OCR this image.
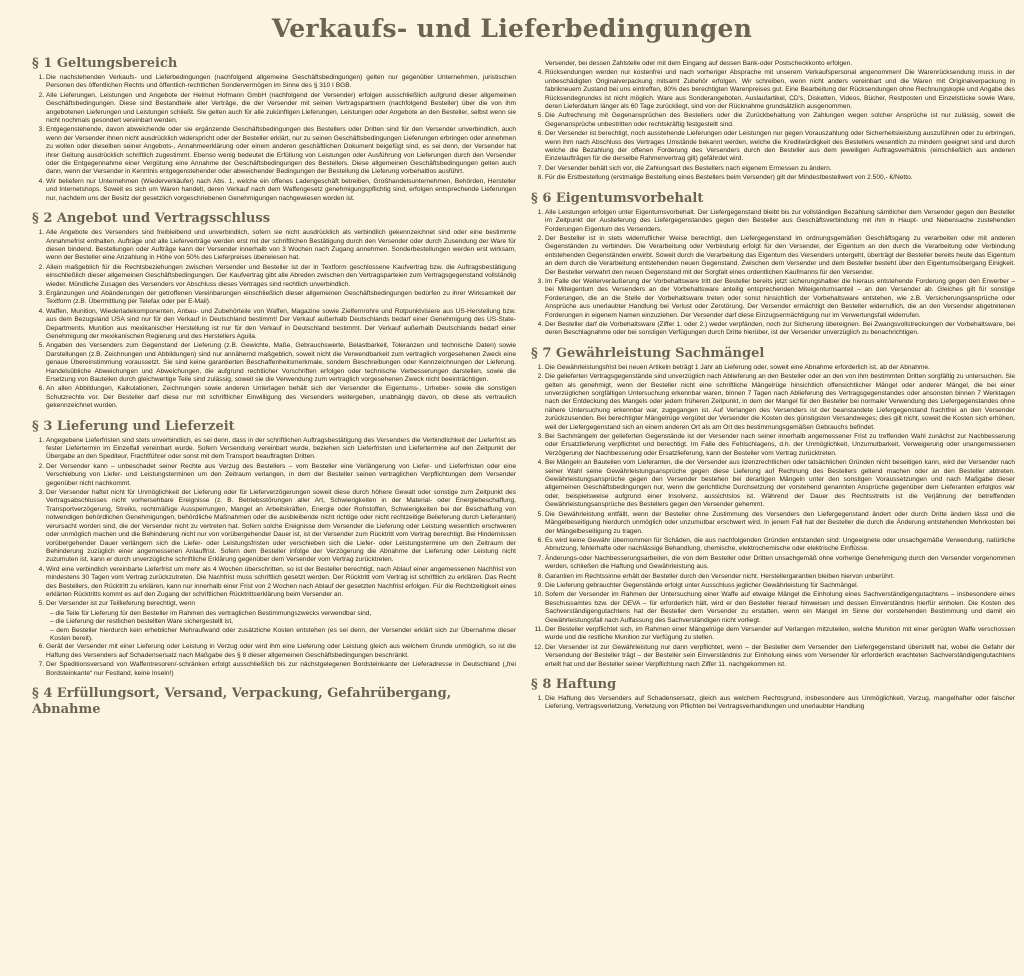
Verkaufs- und Lieferbedingungen
§ 1 Geltungsbereich
1. Die nachstehenden Verkaufs- und Lieferbedingungen (nachfolgend allgemeine Geschäftsbedingungen) gelten nur gegenüber Unternehmen, juristischen Personen des öffentlichen Rechts und öffentlich-rechtlichen Sondervermögen im Sinne des § 310 I BGB.
2. Alle Lieferungen, Leistungen und Angebote der Helmut Hofmann GmbH (nachfolgend der Versender) erfolgen ausschließlich aufgrund dieser allgemeinen Geschäftsbedingungen. Diese sind Bestandteile aller Verträge, die der Versender mit seinen Vertragspartnern (nachfolgend Besteller) über die von ihm angebotenen Lieferungen und Leistungen schließt. Sie gelten auch für alle zukünftigen Lieferungen, Leistungen oder Angebote an den Besteller, selbst wenn sie nicht nochmals gesondert vereinbart werden.
3. Entgegenstehende, davon abweichende oder sie ergänzende Geschäftsbedingungen des Bestellers oder Dritten sind für den Versender unverbindlich, auch wenn der Versender ihnen nicht ausdrücklich widerspricht oder der Besteller erklärt, nur zu seinen Geschäftsbedingungen Lieferungen erbringen oder annehmen zu wollen oder dieselben seiner Angebots-, Annahmeerklärung oder einem anderen geschäftlichen Dokument beigefügt sind, es sei denn, der Versender hat ihrer Geltung ausdrücklich schriftlich zugestimmt. Ebenso wenig bedeutet die Erfüllung von Leistungen oder Ausführung von Lieferungen durch den Versender oder die Entgegennahme einer Vergütung eine Annahme der Geschäftsbedingungen des Bestellers. Diese allgemeinen Geschäftsbedingungen gelten auch dann, wenn der Versender in Kenntnis entgegenstehender oder abweichender Bedingungen der Bestellung die Lieferung vorbehaltlos ausführt.
4. Wir beliefern nur Unternehmen (Wiederverkäufer) nach Abs. 1, welche ein offenes Ladengeschäft betreiben, Großhandelsunternehmen, Behörden, Hersteller und Internetshops. Soweit es sich um Waren handelt, deren Verkauf nach dem Waffengesetz genehmigungspflichtig sind, erfolgen entsprechende Lieferungen nur, nachdem uns der Besitz der gesetzlich vorgeschriebenen Genehmigungen nachgewiesen worden ist.
§ 2 Angebot und Vertragsschluss
1. Alle Angebote des Versenders sind freibleibend und unverbindlich, sofern sie nicht ausdrücklich als verbindlich gekennzeichnet sind oder eine bestimmte Annahmefrist enthalten. Aufträge und alle Lieferverträge werden erst mit der schriftlichen Bestätigung durch den Versender oder durch Zusendung der Ware für diesen bindend. Bestellungen oder Aufträge kann der Versender innerhalb von 3 Wochen nach Zugang annehmen. Sonderbestellungen werden erst wirksam, wenn der Besteller eine Anzahlung in Höhe von 50% des Lieferpreises überwiesen hat.
2. Allein maßgeblich für die Rechtsbeziehungen zwischen Versender und Besteller ist der in Textform geschlossene Kaufvertrag bzw. die Auftragsbestätigung einschließlich dieser allgemeinen Geschäftsbedingungen. Der Kaufvertrag gibt alle Abreden zwischen den Vertragsparteien zum Vertragsgegenstand vollständig wieder. Mündliche Zusagen des Versenders vor Abschluss dieses Vertrages sind rechtlich unverbindlich.
3. Ergänzungen und Abänderungen der getroffenen Vereinbarungen einschließlich dieser allgemeinen Geschäftsbedingungen bedürfen zu ihrer Wirksamkeit der Textform (z.B. Übermittlung per Telefax oder per E-Mail).
4. Waffen, Munition, Wiederladekomponenten, Anbau- und Zubehörteile von Waffen, Magazine sowie Zielfernrohre und Rotpunktvisiere aus US-Herstellung bzw. aus dem Bezugsland USA sind nur für den Verkauf in Deutschland bestimmt! Der Verkauf außerhalb Deutschlands bedarf einer Genehmigung des US-State-Departments. Munition aus mexikanischer Herstellung ist nur für den Verkauf in Deutschland bestimmt. Der Verkauf außerhalb Deutschlands bedarf einer Genehmigung der mexikanischen Regierung und des Herstellers Aguila.
5. Angaben des Versenders zum Gegenstand der Lieferung (z.B. Gewichte, Maße, Gebrauchswerte, Belastbarkeit, Toleranzen und technische Daten) sowie Darstellungen (z.B. Zeichnungen und Abbildungen) sind nur annähernd maßgeblich, soweit nicht die Verwendbarkeit zum vertraglich vorgesehenen Zweck eine genaue Übereinstimmung voraussetzt. Sie sind keine garantierten Beschaffenheitsmerkmale, sondern Beschreibungen oder Kennzeichnungen der Lieferung. Handelsübliche Abweichungen und Abweichungen, die aufgrund rechtlicher Vorschriften erfolgen oder technische Verbesserungen darstellen, sowie die Ersetzung von Bauteilen durch gleichwertige Teile sind zulässig, soweit sie die Verwendung zum vertraglich vorgesehenen Zweck nicht beeinträchtigen.
6. An allen Abbildungen, Kalkulationen, Zeichnungen sowie anderen Unterlagen behält sich der Versender die Eigentums-, Urheber- sowie die sonstigen Schutzrechte vor. Der Besteller darf diese nur mit schriftlicher Einwilligung des Versenders weitergeben, unabhängig davon, ob diese als vertraulich gekennzeichnet wurden.
§ 3 Lieferung und Lieferzeit
1. Angegebene Lieferfristen sind stets unverbindlich, es sei denn, dass in der schriftlichen Auftragsbestätigung des Versenders die Verbindlichkeit der Lieferfrist als fester Liefertermin im Einzelfall vereinbart wurde. Sofern Versendung vereinbart wurde, beziehen sich Lieferfristen und Liefertermine auf den Zeitpunkt der Übergabe an den Spediteur, Frachtführer oder sonst mit dem Transport beauftragten Dritten.
2. Der Versender kann – unbeschadet seiner Rechte aus Verzug des Bestellers – vom Besteller eine Verlängerung von Liefer- und Lieferfristen oder eine Verschiebung von Liefer- und Leistungsterminen um den Zeitraum verlangen, in dem der Besteller seinen vertraglichen Verpflichtungen dem Versender gegenüber nicht nachkommt.
3. Der Versender haftet nicht für Unmöglichkeit der Lieferung oder für Lieferverzögerungen soweit diese durch höhere Gewalt oder sonstige zum Zeitpunkt des Vertragsabschlusses nicht vorhersehbare Ereignisse (z. B. Betriebsstörungen aller Art, Schwierigkeiten in der Material- oder Energiebeschaffung, Transportverzögerung, Streiks, rechtmäßige Aussperrungen, Mangel an Arbeitskräften, Energie oder Rohstoffen, Schwierigkeiten bei der Beschaffung von notwendigen behördlichen Genehmigungen, behördliche Maßnahmen oder die ausbleibende nicht richtige oder nicht rechtzeitige Belieferung durch Lieferanten) verursacht worden sind, die der Versender nicht zu vertreten hat. Sofern solche Ereignisse dem Versender die Lieferung oder Leistung wesentlich erschweren oder unmöglich machen und die Behinderung nicht nur von vorübergehender Dauer ist, ist der Versender zum Rücktritt vom Vertrag berechtigt. Bei Hindernissen vorübergehender Dauer verlängern sich die Liefer- oder Leistungsfristen oder verschieben sich die Liefer- oder Leistungstermine um den Zeitraum der Behinderung zuzüglich einer angemessenen Anlauffrist. Sofern dem Besteller infolge der Verzögerung die Abnahme der Lieferung oder Leistung nicht zuzumuten ist, kann er durch unverzügliche schriftliche Erklärung gegenüber dem Versender vom Vertrag zurücktreten.
4. Wird eine verbindlich vereinbarte Lieferfrist um mehr als 4 Wochen überschritten, so ist der Besteller berechtigt, nach Ablauf einer angemessenen Nachfrist von mindestens 30 Tagen vom Vertrag zurückzutreten. Die Nachfrist muss schriftlich gesetzt werden. Der Rücktritt vom Vertrag ist schriftlich zu erklären. Das Recht des Bestellers, den Rücktritt zu erklären, kann nur innerhalb einer Frist von 2 Wochen nach Ablauf der gesetzten Nachfrist erfolgen. Für die Rechtzeitigkeit eines erklärten Rücktritts kommt es auf den Zugang der schriftlichen Rücktrittserklärung beim Versender an.
5. Der Versender ist zur Teillieferung berechtigt, wenn
– die Teile für Lieferung für den Besteller im Rahmen des vertraglichen Bestimmungszwecks verwendbar sind,
– die Lieferung der restlichen bestellten Ware sichergestellt ist,
– dem Besteller hierdurch kein erheblicher Mehraufwand oder zusätzliche Kosten entstehen (es sei denn, der Versender erklärt sich zur Übernahme dieser Kosten bereit).
6. Gerät der Versender mit einer Lieferung oder Leistung in Verzug oder wird ihm eine Lieferung oder Leistung gleich aus welchem Grunde unmöglich, so ist die Haftung des Versenders auf Schadensersatz nach Maßgabe des § 8 dieser allgemeinen Geschäftsbedingungen beschränkt.
7. Der Speditionsversand von Waffentresoren/-schränken erfolgt ausschließlich bis zur nächstgelegenen Bordsteinkante der Lieferadresse in Deutschland („frei Bordsteinkante“ nur Festland, keine Inseln!)
§ 4 Erfüllungsort, Versand, Verpackung, Gefahrübergang, Abnahme
Versender, bei dessen Zahlstelle oder mit dem Eingang auf dessen Bank-oder Postscheckkonto erfolgen.
4. Rücksendungen werden nur kostenfrei und nach vorheriger Absprache mit unserem Verkaufspersonal angenommen! Die Warenrücksendung muss in der unbeschädigten Originalverpackung mitsamt Zubehör erfolgen. Wir schreiben, wenn nicht anders vereinbart und die Waren mit Originalverpackung in fabrikneuem Zustand bei uns eintreffen, 80% des berechtigten Warenpreises gut. Eine Bearbeitung der Rücksendungen ohne Rechnungskopie und Angabe des Rücksendegrundes ist nicht möglich. Ware aus Sonderangeboten, Auslaufartikel, CD's, Disketten, Videos, Bücher, Restposten und Einzelstücke sowie Ware, deren Lieferdatum länger als 60 Tage zurückliegt, sind von der Rücknahme grundsätzlich ausgenommen.
5. Die Aufrechnung mit Gegenansprüchen des Bestellers oder die Zurückbehaltung von Zahlungen wegen solcher Ansprüche ist nur zulässig, soweit die Gegenansprüche unbestritten oder rechtskräftig festgestellt sind.
6. Der Versender ist berechtigt, noch ausstehende Lieferungen oder Leistungen nur gegen Vorauszahlung oder Sicherheitsleistung auszuführen oder zu erbringen, wenn ihm nach Abschluss des Vertrages Umstände bekannt werden, welche die Kreditwürdigkeit des Bestellers wesentlich zu mindern geeignet sind und durch welche die Bezahlung der offenen Forderung des Versenders durch den Besteller aus dem jeweiligen Auftragsverhältnis (einschließlich aus anderen Einzelaufträgen für die derselbe Rahmenvertrag gilt) gefährdet wird.
7. Der Versender behält sich vor, die Zahlungsart des Bestellers nach eigenem Ermessen zu ändern.
8. Für die Erstbestellung (erstmalige Bestellung eines Bestellers beim Versender) gilt der Mindestbestellwert von 2.500,- €/Netto.
§ 6 Eigentumsvorbehalt
1. Alle Leistungen erfolgen unter Eigentumsvorbehalt. Der Liefergegenstand bleibt bis zur vollständigen Bezahlung sämtlicher dem Versender gegen den Besteller im Zeitpunkt der Auslieferung des Liefergegenstandes gegen den Besteller aus Geschäftsverbindung mit ihm in Haupt- und Nebensache zustehenden Forderungen Eigentum des Versenders.
2. Der Besteller ist in stets widerruflicher Weise berechtigt, den Liefergegenstand im ordnungsgemäßen Geschäftsgang zu verarbeiten oder mit anderen Gegenständen zu verbinden. Die Verarbeitung oder Verbindung erfolgt für den Versender, der Eigentum an den durch die Verarbeitung oder Verbindung entstehenden Gegenständen erwirbt. Soweit durch die Verarbeitung das Eigentum des Versenders untergeht, überträgt der Besteller bereits heute das Eigentum an dem durch die Verarbeitung entstehenden neuen Gegenstand. Zwischen dem Versender und dem Besteller besteht über den Eigentumsübergang Einigkeit. Der Besteller verwahrt den neuen Gegenstand mit der Sorgfalt eines ordentlichen Kaufmanns für den Versender.
3. Im Falle der Weiterveräußerung der Vorbehaltsware tritt der Besteller bereits jetzt sicherungshalber die hieraus entstehende Forderung gegen den Erwerber – bei Miteigentum des Versenders an der Vorbehaltsware anteilig entsprechenden Miteigentumsanteil – an den Versender ab. Gleiches gilt für sonstige Forderungen, die an die Stelle der Vorbehaltsware treten oder sonst hinsichtlich der Vorbehaltsware entstehen, wie z.B. Versicherungsansprüche oder Ansprüche aus unerlaubter Handlung bei Verlust oder Zerstörung. Der Versender ermächtigt den Besteller widerruflich, die an den Versender abgetretenen Forderungen in eigenem Namen einzuziehen. Der Versender darf diese Einzugsermächtigung nur im Verwertungsfall widerrufen.
4. Der Besteller darf die Vorbehaltsware (Ziffer 1. oder 2.) weder verpfänden, noch zur Sicherung übereignen. Bei Zwangsvollstreckungen der Vorbehaltsware, bei deren Beschlagnahme oder bei sonstigen Verfügungen durch Dritte hierüber, ist der Versender unverzüglich zu benachrichtigen.
§ 7 Gewährleistung Sachmängel
1. Die Gewährleistungsfrist bei neuen Artikeln beträgt 1 Jahr ab Lieferung oder, soweit eine Abnahme erforderlich ist, ab der Abnahme.
2. Die gelieferten Vertragsgegenstände sind unverzüglich nach Ablieferung an den Besteller oder an den von ihm bestimmten Dritten sorgfältig zu untersuchen. Sie gelten als genehmigt, wenn der Besteller nicht eine schriftliche Mängelrüge hinsichtlich offensichtlicher Mängel oder anderer Mängel, die bei einer unverzüglichen sorgfältigen Untersuchung erkennbar waren, binnen 7 Tagen nach Ablieferung des Vertragsgegenstandes oder ansonsten binnen 7 Werktagen nach der Entdeckung des Mangels oder jedem früheren Zeitpunkt, in dem der Mangel für den Besteller bei normaler Verwendung des Liefergegenstandes ohne nähere Untersuchung erkennbar war, zugegangen ist. Auf Verlangen des Versenders ist der beanstandete Liefergegenstand frachtfrei an den Versender zurückzusenden. Bei berechtigter Mängelrüge vergütet der Versender die Kosten des günstigsten Versandweges; dies gilt nicht, soweit die Kosten sich erhöhen, weil der Liefergegenstand sich an einem anderen Ort als am Ort des bestimmungsgemäßen Gebrauchs befindet.
3. Bei Sachmängeln der gelieferten Gegenstände ist der Versender nach seiner innerhalb angemessener Frist zu treffenden Wahl zunächst zur Nachbesserung oder Ersatzlieferung verpflichtet und berechtigt. Im Falle des Fehlschlagens, d.h. der Unmöglichkeit, Unzumutbarkeit, Verweigerung oder unangemessenen Verzögerung der Nachbesserung oder Ersatzlieferung, kann der Besteller vom Vertrag zurücktreten.
4. Bei Mängeln an Bauteilen vom Lieferanten, die der Versender aus lizenzrechtlichen oder tatsächlichen Gründen nicht beseitigen kann, wird der Versender nach seiner Wahl seine Gewährleistungsansprüche gegen diese Lieferung auf Rechnung des Bestellers geltend machen oder an den Besteller abtreten. Gewährleistungsansprüche gegen den Versender bestehen bei derartigen Mängeln unter den sonstigen Voraussetzungen und nach Maßgabe dieser allgemeinen Geschäftsbedingungen nur, wenn die gerichtliche Durchsetzung der vorstehend genannten Ansprüche gegenüber dem Lieferanten erfolglos war oder, beispielsweise aufgrund einer Insolvenz, aussichtslos ist. Während der Dauer des Rechtsstreits ist die Verjährung der betreffenden Gewährleistungsansprüche des Bestellers gegen den Versender gehemmt.
5. Die Gewährleistung entfällt, wenn der Besteller ohne Zustimmung des Versenders den Liefergegenstand ändert oder durch Dritte ändern lässt und die Mängelbeseitigung hierdurch unmöglich oder unzumutbar erschwert wird. In jenem Fall hat der Besteller die durch die Änderung entstehenden Mehrkosten bei der Mängelbeseitigung zu tragen.
6. Es wird keine Gewähr übernommen für Schäden, die aus nachfolgenden Gründen entstanden sind: Ungeeignete oder unsachgemäße Verwendung, natürliche Abnutzung, fehlerhafte oder nachlässige Behandlung, chemische, elektrochemische oder elektrische Einflüsse.
7. Änderungs-oder Nachbesserungsarbeiten, die von dem Besteller oder Dritten unsachgemäß ohne vorherige Genehmigung durch den Versender vorgenommen werden, schließen die Haftung und Gewährleistung aus.
8. Garantien im Rechtssinne erhält der Besteller durch den Versender nicht. Herstellergarantien bleiben hiervon unberührt.
9. Die Lieferung gebrauchter Gegenstände erfolgt unter Ausschluss jeglicher Gewährleistung für Sachmängel.
10. Sofern der Versender im Rahmen der Untersuchung einer Waffe auf etwaige Mängel die Einholung eines Sachverständigengutachtens – insbesondere eines Beschussamtes bzw. der DEVA – für erforderlich hält, wird er den Besteller hierauf hinweisen und dessen Einverständnis hierfür einholen. Die Kosten des Sachverständigengutachtens hat der Besteller dem Versender zu erstatten, wenn ein Mangel im Sinne der vorstehenden Bestimmung und damit ein Gewährleistungsfall nach Auffassung des Sachverständigen nicht vorliegt.
11. Der Besteller verpflichtet sich, im Rahmen einer Mängelrüge dem Versender auf Verlangen mitzuteilen, welche Munition mit einer gerügten Waffe verschossen wurde und die restliche Munition zur Verfügung zu stellen.
12. Der Versender ist zur Gewährleistung nur dann verpflichtet, wenn – der Besteller dem Versender den Liefergegenstand überstellt hat, wobei die Gefahr der Versendung der Besteller trägt – der Besteller sein Einverständnis zur Einholung eines vom Versender für erforderlich erachteten Sachverständigengutachtens erteilt hat und der Besteller seiner Verpflichtung nach Ziffer 11. nachgekommen ist.
§ 8 Haftung
1. Die Haftung des Versenders auf Schadensersatz, gleich aus welchem Rechtsgrund, insbesondere aus Unmöglichkeit, Verzug, mangelhafter oder falscher Lieferung, Vertragsverletzung, Verletzung von Pflichten bei Vertragsverhandlungen und unerlaubter Handlung
